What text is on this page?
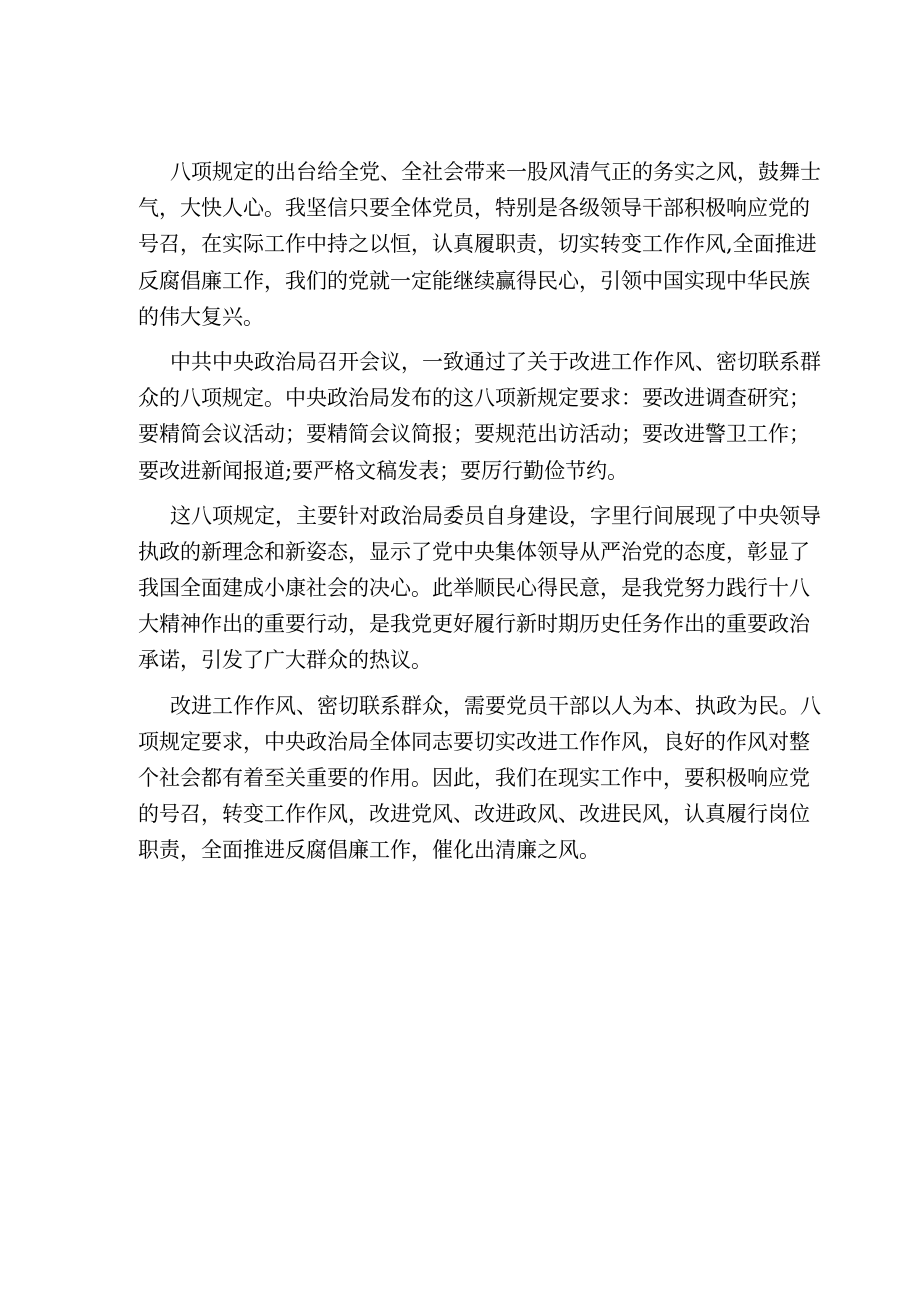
八项规定的出台给全党、全社会带来一股风清气正的务实之风，鼓舞士
气，大快人心。我坚信只要全体党员，特别是各级领导干部积极响应党的
号召，在实际工作中持之以恒，认真履职责，切实转变工作作风,全面推进
反腐倡廉工作，我们的党就一定能继续赢得民心，引领中国实现中华民族
的伟大复兴。
中共中央政治局召开会议，一致通过了关于改进工作作风、密切联系群
众的八项规定。中央政治局发布的这八项新规定要求：要改进调查研究；
要精简会议活动；要精简会议简报；要规范出访活动；要改进警卫工作；
要改进新闻报道;要严格文稿发表；要厉行勤俭节约。
这八项规定，主要针对政治局委员自身建设，字里行间展现了中央领导
执政的新理念和新姿态，显示了党中央集体领导从严治党的态度，彰显了
我国全面建成小康社会的决心。此举顺民心得民意，是我党努力践行十八
大精神作出的重要行动，是我党更好履行新时期历史任务作出的重要政治
承诺，引发了广大群众的热议。
改进工作作风、密切联系群众，需要党员干部以人为本、执政为民。八
项规定要求，中央政治局全体同志要切实改进工作作风，良好的作风对整
个社会都有着至关重要的作用。因此，我们在现实工作中，要积极响应党
的号召，转变工作作风，改进党风、改进政风、改进民风，认真履行岗位
职责，全面推进反腐倡廉工作，催化出清廉之风。
